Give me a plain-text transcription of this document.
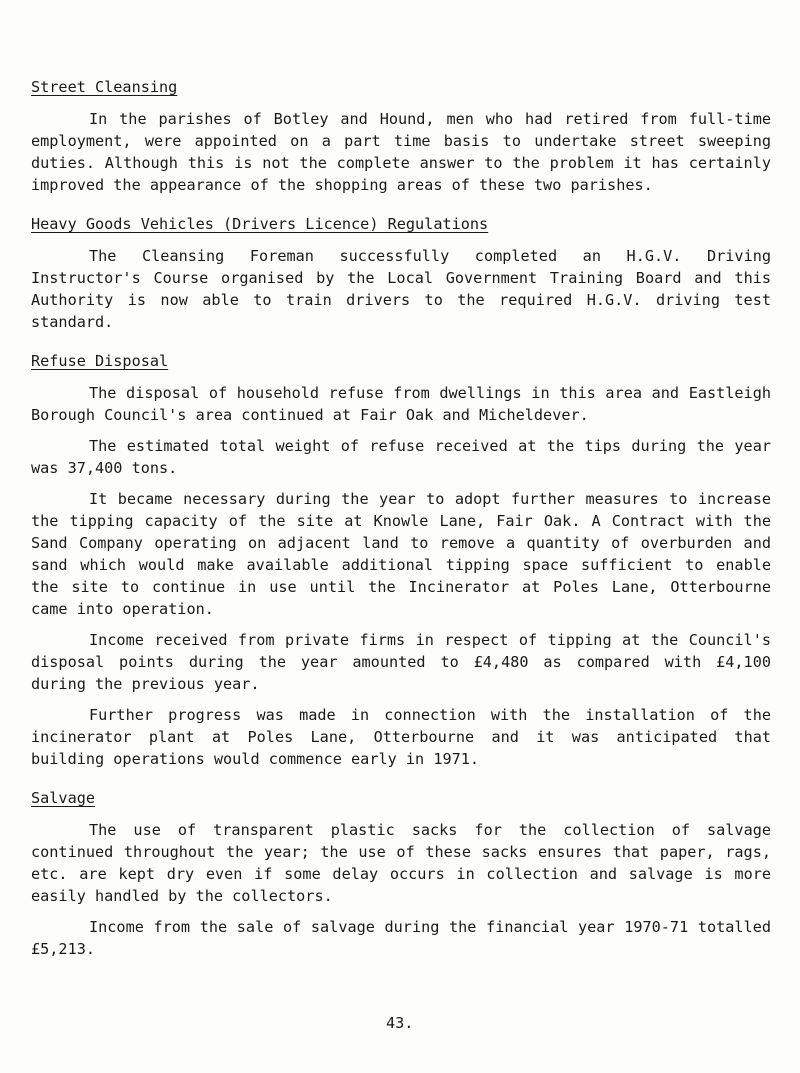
Street Cleansing

In the parishes of Botley and Hound, men who had retired from full-time employment, were appointed on a part time basis to undertake street sweeping duties. Although this is not the complete answer to the problem it has certainly improved the appearance of the shopping areas of these two parishes.

Heavy Goods Vehicles (Drivers Licence) Regulations

The Cleansing Foreman successfully completed an H.G.V. Driving Instructor's Course organised by the Local Government Training Board and this Authority is now able to train drivers to the required H.G.V. driving test standard.

Refuse Disposal

The disposal of household refuse from dwellings in this area and Eastleigh Borough Council's area continued at Fair Oak and Micheldever.

The estimated total weight of refuse received at the tips during the year was 37,400 tons.

It became necessary during the year to adopt further measures to increase the tipping capacity of the site at Knowle Lane, Fair Oak. A Contract with the Sand Company operating on adjacent land to remove a quantity of overburden and sand which would make available additional tipping space sufficient to enable the site to continue in use until the Incinerator at Poles Lane, Otterbourne came into operation.

Income received from private firms in respect of tipping at the Council's disposal points during the year amounted to £4,480 as compared with £4,100 during the previous year.

Further progress was made in connection with the installation of the incinerator plant at Poles Lane, Otterbourne and it was anticipated that building operations would commence early in 1971.

Salvage

The use of transparent plastic sacks for the collection of salvage continued throughout the year; the use of these sacks ensures that paper, rags, etc. are kept dry even if some delay occurs in collection and salvage is more easily handled by the collectors.

Income from the sale of salvage during the financial year 1970-71 totalled £5,213.

43.
